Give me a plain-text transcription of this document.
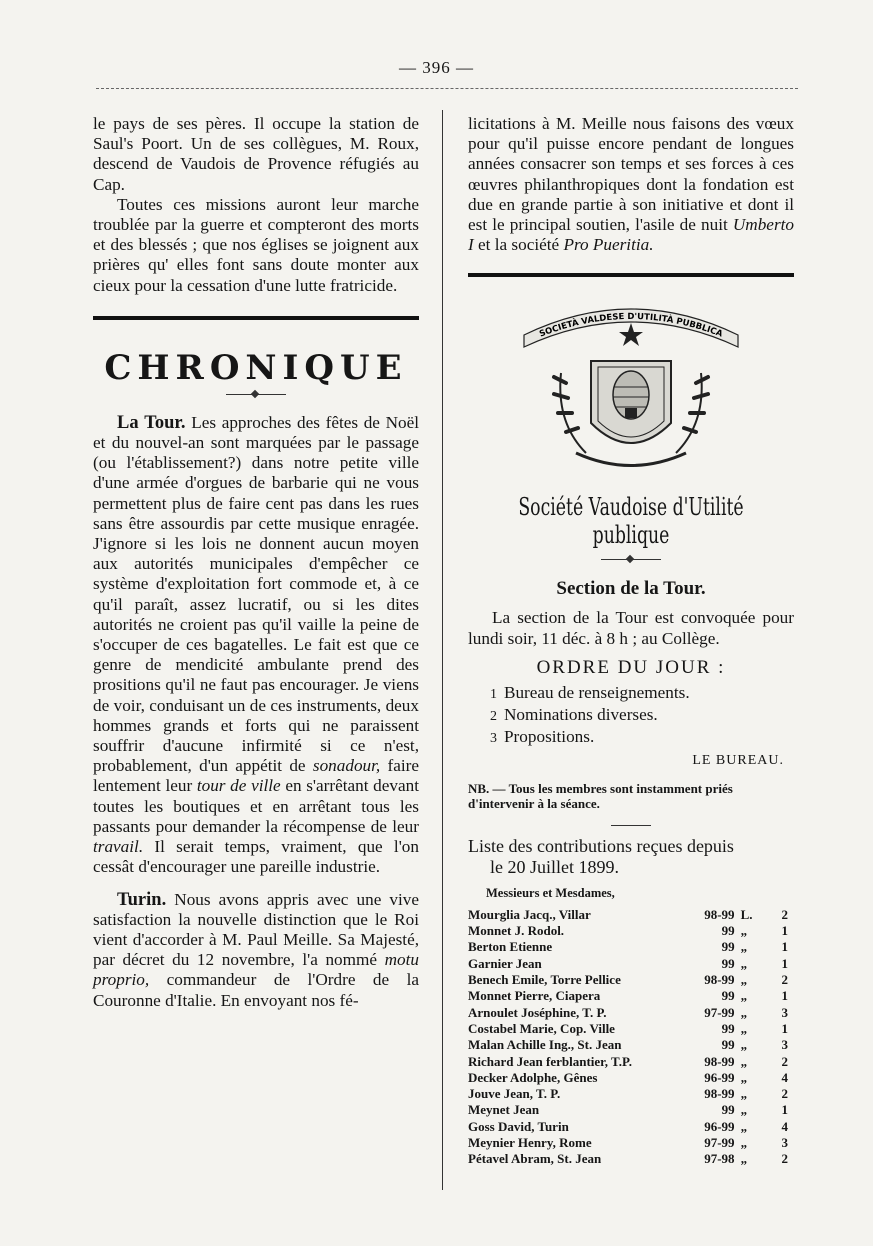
— 396 —

le pays de ses pères. Il occupe la station de Saul's Poort. Un de ses collègues, M. Roux, descend de Vaudois de Provence réfugiés au Cap.

Toutes ces missions auront leur marche troublée par la guerre et compteront des morts et des blessés ; que nos églises se joignent aux prières qu' elles font sans doute monter aux cieux pour la cessation d'une lutte fratricide.

CHRONIQUE

La Tour. Les approches des fêtes de Noël et du nouvel-an sont marquées par le passage (ou l'établissement?) dans notre petite ville d'une armée d'orgues de barbarie qui ne vous permettent plus de faire cent pas dans les rues sans être assourdis par cette musique enragée. J'ignore si les lois ne donnent aucun moyen aux autorités municipales d'empêcher ce système d'exploitation fort commode et, à ce qu'il paraît, assez lucratif, ou si les dites autorités ne croient pas qu'il vaille la peine de s'occuper de ces bagatelles. Le fait est que ce genre de mendicité ambulante prend des prositions qu'il ne faut pas encourager. Je viens de voir, conduisant un de ces instruments, deux hommes grands et forts qui ne paraissent souffrir d'aucune infirmité si ce n'est, probablement, d'un appétit de sonadour, faire lentement leur tour de ville en s'arrêtant devant toutes les boutiques et en arrêtant tous les passants pour demander la récompense de leur travail. Il serait temps, vraiment, que l'on cessât d'encourager une pareille industrie.

Turin. Nous avons appris avec une vive satisfaction la nouvelle distinction que le Roi vient d'accorder à M. Paul Meille. Sa Majesté, par décret du 12 novembre, l'a nommé motu proprio, commandeur de l'Ordre de la Couronne d'Italie. En envoyant nos fé-

licitations à M. Meille nous faisons des vœux pour qu'il puisse encore pendant de longues années consacrer son temps et ses forces à ces œuvres philanthropiques dont la fondation est due en grande partie à son initiative et dont il est le principal soutien, l'asile de nuit Umberto I et la société Pro Pueritia.

SOCIETÀ VALDESE D'UTILITÀ PUBBLICA
Société Vaudoise d'Utilité publique
Section de la Tour.

La section de la Tour est convoquée pour lundi soir, 11 déc. à 8 h ; au Collège.

ORDRE DU JOUR :
1 Bureau de renseignements.
2 Nominations diverses.
3 Propositions.
LE BUREAU.

NB. — Tous les membres sont instamment priés d'intervenir à la séance.

Liste des contributions reçues depuis
le 20 Juillet 1899.

Messieurs et Mesdames,
Mourglia Jacq., Villar	98-99	L.	2
Monnet J. Rodol.	99	„	1
Berton Etienne	99	„	1
Garnier Jean	99	„	1
Benech Emile, Torre Pellice	98-99	„	2
Monnet Pierre, Ciapera	99	„	1
Arnoulet Joséphine, T. P.	97-99	„	3
Costabel Marie, Cop. Ville	99	„	1
Malan Achille Ing., St. Jean	99	„	3
Richard Jean ferblantier, T.P.	98-99	„	2
Decker Adolphe, Gênes	96-99	„	4
Jouve Jean, T. P.	98-99	„	2
Meynet Jean	99	„	1
Goss David, Turin	96-99	„	4
Meynier Henry, Rome	97-99	„	3
Pétavel Abram, St. Jean	97-98	„	2
